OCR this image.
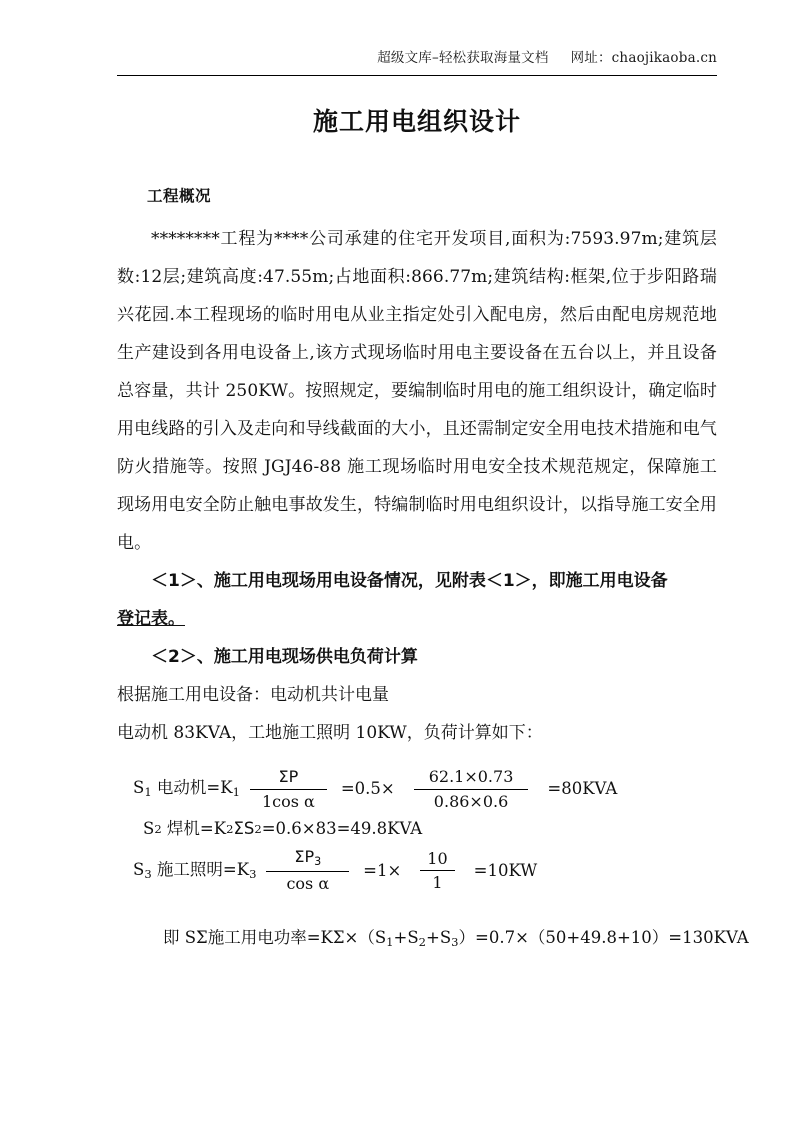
超级文库–轻松获取海量文档 网址：chaojikaoba.cn
施工用电组织设计
工程概况

********工程为****公司承建的住宅开发项目,面积为:7593.97m;建筑层数:12层;建筑高度:47.55m;占地面积:866.77m;建筑结构:框架,位于步阳路瑞兴花园.本工程现场的临时用电从业主指定处引入配电房，然后由配电房规范地生产建设到各用电设备上,该方式现场临时用电主要设备在五台以上，并且设备总容量，共计 250KW。按照规定，要编制临时用电的施工组织设计，确定临时用电线路的引入及走向和导线截面的大小，且还需制定安全用电技术措施和电气防火措施等。按照 JGJ46-88 施工现场临时用电安全技术规范规定，保障施工现场用电安全防止触电事故发生，特编制临时用电组织设计，以指导施工安全用电。

＜1＞、施工用电现场用电设备情况，见附表＜1＞，即施工用电设备

登记表。

＜2＞、施工用电现场供电负荷计算

根据施工用电设备：电动机共计电量

电动机 83KVA，工地施工照明 10KW，负荷计算如下：

$S_1$ 电动机$=K_1 \frac{\Sigma P}{\text{1cos α}} =0.5\times \frac{62.1\times 0.73}{0.86\times 0.6} =80KVA$
S 2
焊机=K 2 ΣS 2 =0.6×83=49.8KVA
$S_3$ 施工照明$=K_3 \frac{\Sigma P_3}{\text{cos α}} =1\times \frac{10}{1} =10KW$
即 SΣ施工用电功率$=K\Sigma\times(S_1+S_2+S_3)=0.7\times(50+49.8+10)=130KVA$
